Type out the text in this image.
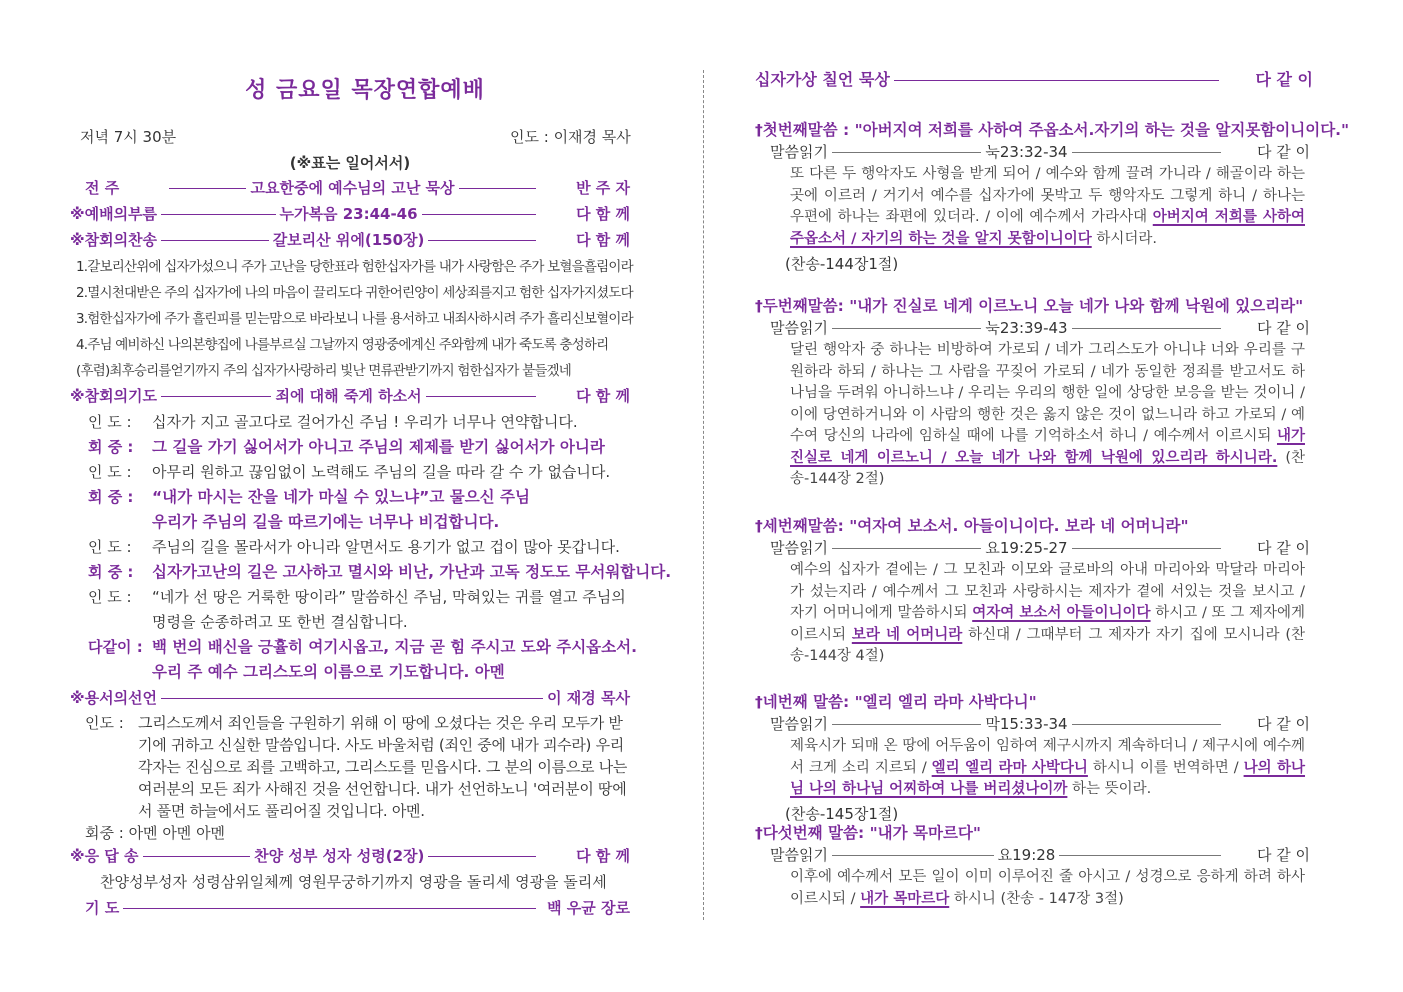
성 금요일 목장연합예배
저녁 7시 30분	인도 : 이재경 목사
(※표는 일어서서)
전 주	고요한중에 예수님의 고난 묵상	반 주 자
※예배의부름	누가복음 23:44-46	다 함 께
※참회의찬송	갈보리산 위에(150장)	다 함 께
1.갈보리산위에 십자가섰으니 주가 고난을 당한표라 험한십자가를 내가 사랑함은 주가 보혈을흘림이라
2.멸시천대받은 주의 십자가에 나의 마음이 끌리도다 귀한어린양이 세상죄를지고 험한 십자가지셨도다
3.험한십자가에 주가 흘린피를 믿는맘으로 바라보니 나를 용서하고 내죄사하시려 주가 흘리신보혈이라
4.주님 예비하신 나의본향집에 나를부르실 그날까지 영광중에계신 주와함께 내가 죽도록 충성하리
(후렴)최후승리를얻기까지 주의 십자가사랑하리 빛난 면류관받기까지 험한십자가 붙들겠네
※참회의기도	죄에 대해 죽게 하소서	다 함 께
인 도 : 십자가 지고 골고다로 걸어가신 주님 ! 우리가 너무나 연약합니다.
회 중 : 그 길을 가기 싫어서가 아니고 주님의 제제를 받기 싫어서가 아니라
인 도 : 아무리 원하고 끊임없이 노력해도 주님의 길을 따라 갈 수 가 없습니다.
회 중 : “내가 마시는 잔을 네가 마실 수 있느냐”고 물으신 주님
우리가 주님의 길을 따르기에는 너무나 비겁합니다.
인 도 : 주님의 길을 몰라서가 아니라 알면서도 용기가 없고 겁이 많아 못갑니다.
회 중 : 십자가고난의 길은 고사하고 멸시와 비난, 가난과 고독 정도도 무서워합니다.
인 도 : “네가 선 땅은 거룩한 땅이라” 말씀하신 주님, 막혀있는 귀를 열고 주님의
명령을 순종하려고 또 한번 결심합니다.
다같이 : 백 번의 배신을 긍휼히 여기시옵고, 지금 곧 힘 주시고 도와 주시옵소서.
우리 주 예수 그리스도의 이름으로 기도합니다. 아멘
※용서의선언	이 재경 목사
인도 : 그리스도께서 죄인들을 구원하기 위해 이 땅에 오셨다는 것은 우리 모두가 받
기에 귀하고 신실한 말씀입니다. 사도 바울처럼 (죄인 중에 내가 괴수라) 우리
각자는 진심으로 죄를 고백하고, 그리스도를 믿읍시다. 그 분의 이름으로 나는
여러분의 모든 죄가 사해진 것을 선언합니다. 내가 선언하노니 '여러분이 땅에
서 풀면 하늘에서도 풀리어질 것입니다. 아멘.
회중 : 아멘 아멘 아멘
※응 답 송	찬양 성부 성자 성령(2장)	다 함 께
찬양성부성자 성령삼위일체께 영원무궁하기까지 영광을 돌리세 영광을 돌리세
기 도	백 우균 장로
십자가상 칠언 묵상	다 같 이
†첫번째말씀 : "아버지여 저희를 사하여 주옵소서.자기의 하는 것을 알지못함이니이다."
말씀읽기	눅23:32-34	다 같 이
또 다른 두 행악자도 사형을 받게 되어 / 예수와 함께 끌려 가니라 / 해골이라 하는 곳에 이르러 / 거기서 예수를 십자가에 못박고 두 행악자도 그렇게 하니 / 하나는 우편에 하나는 좌편에 있더라. / 이에 예수께서 가라사대 아버지여 저희를 사하여 주옵소서 / 자기의 하는 것을 알지 못함이니이다 하시더라.
(찬송-144장1절)
†두번째말씀: "내가 진실로 네게 이르노니 오늘 네가 나와 함께 낙원에 있으리라"
말씀읽기	눅23:39-43	다 같 이
달린 행악자 중 하나는 비방하여 가로되 / 네가 그리스도가 아니냐 너와 우리를 구원하라 하되 / 하나는 그 사람을 꾸짖어 가로되 / 네가 동일한 정죄를 받고서도 하나님을 두려워 아니하느냐 / 우리는 우리의 행한 일에 상당한 보응을 받는 것이니 / 이에 당연하거니와 이 사람의 행한 것은 옳지 않은 것이 없느니라 하고 가로되 / 예수여 당신의 나라에 임하실 때에 나를 기억하소서 하니 / 예수께서 이르시되 내가 진실로 네게 이르노니 / 오늘 네가 나와 함께 낙원에 있으리라 하시니라. (찬송-144장 2절)
†세번째말씀: "여자여 보소서. 아들이니이다. 보라 네 어머니라"
말씀읽기	요19:25-27	다 같 이
예수의 십자가 곁에는 / 그 모친과 이모와 글로바의 아내 마리아와 막달라 마리아가 섰는지라 / 예수께서 그 모친과 사랑하시는 제자가 곁에 서있는 것을 보시고 / 자기 어머니에게 말씀하시되 여자여 보소서 아들이니이다 하시고 / 또 그 제자에게 이르시되 보라 네 어머니라 하신대 / 그때부터 그 제자가 자기 집에 모시니라 (찬송-144장 4절)
†네번째 말씀: "엘리 엘리 라마 사박다니"
말씀읽기	막15:33-34	다 같 이
제육시가 되매 온 땅에 어두움이 임하여 제구시까지 계속하더니 / 제구시에 예수께서 크게 소리 지르되 / 엘리 엘리 라마 사박다니 하시니 이를 번역하면 / 나의 하나님 나의 하나님 어찌하여 나를 버리셨나이까 하는 뜻이라.
(찬송-145장1절)
†다섯번째 말씀: "내가 목마르다"
말씀읽기	요19:28	다 같 이
이후에 예수께서 모든 일이 이미 이루어진 줄 아시고 / 성경으로 응하게 하려 하사 이르시되 / 내가 목마르다 하시니 (찬송 - 147장 3절)
